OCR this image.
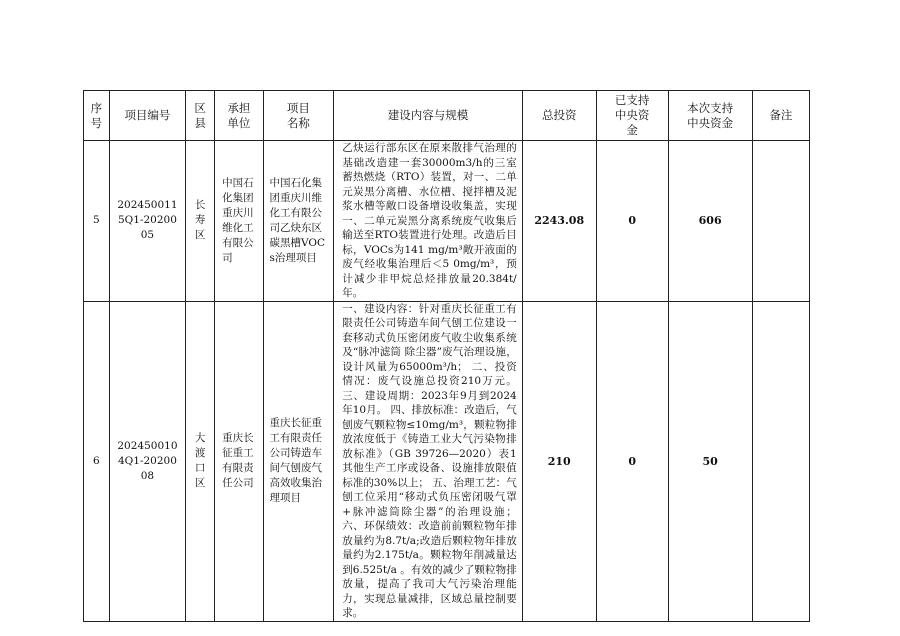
序号	项目编号	区县	承担单位	项目名称	建设内容与规模	总投资	已支持中央资金	本次支持中央资金	备注
5	2024500115Q1-2020005	长寿区	中国石化集团重庆川维化工有限公司	中国石化集团重庆川维化工有限公司乙炔东区碳黑槽VOCs治理项目	乙炔运行部东区在原来散排气治理的基础改造建一套30000m3/h的三室蓄热燃烧（RTO）装置，对一、二单元炭黑分离槽、水位槽、搅拌槽及泥浆水槽等敞口设备增设收集盖，实现一、二单元炭黑分离系统废气收集后输送至RTO装置进行处理。改造后目标，VOCs为141 mg/m³敞开液面的废气经收集治理后＜5 0mg/m³，预计减少非甲烷总烃排放量20.384t/年。	2243.08	0	606	
6	2024500104Q1-2020008	大渡口区	重庆长征重工有限责任公司	重庆长征重工有限责任公司铸造车间气刨废气高效收集治理项目	一、建设内容：针对重庆长征重工有限责任公司铸造车间气刨工位建设一套移动式负压密闭废气收尘收集系统及“脉冲滤筒 除尘器”废气治理设施，设计风量为65000m³/h； 二、投资情况：废气设施总投资210万元。 三、建设周期：2023年9月到2024年10月。 四、排放标准：改造后，气刨废气颗粒物≤10mg/m³，颗粒物排放浓度低于《铸造工业大气污染物排放标准》（GB 39726—2020）表1其他生产工序或设备、设施排放限值标准的30%以上； 五、治理工艺：气刨工位采用“移动式负压密闭吸气罩+脉冲滤筒除尘器”的治理设施； 六、环保绩效：改造前前颗粒物年排放量约为8.7t/a;改造后颗粒物年排放量约为2.175t/a。颗粒物年削减量达到6.525t/a 。有效的减少了颗粒物排放量，提高了我司大气污染治理能力，实现总量减排，区域总量控制要求。	210	0	50	
